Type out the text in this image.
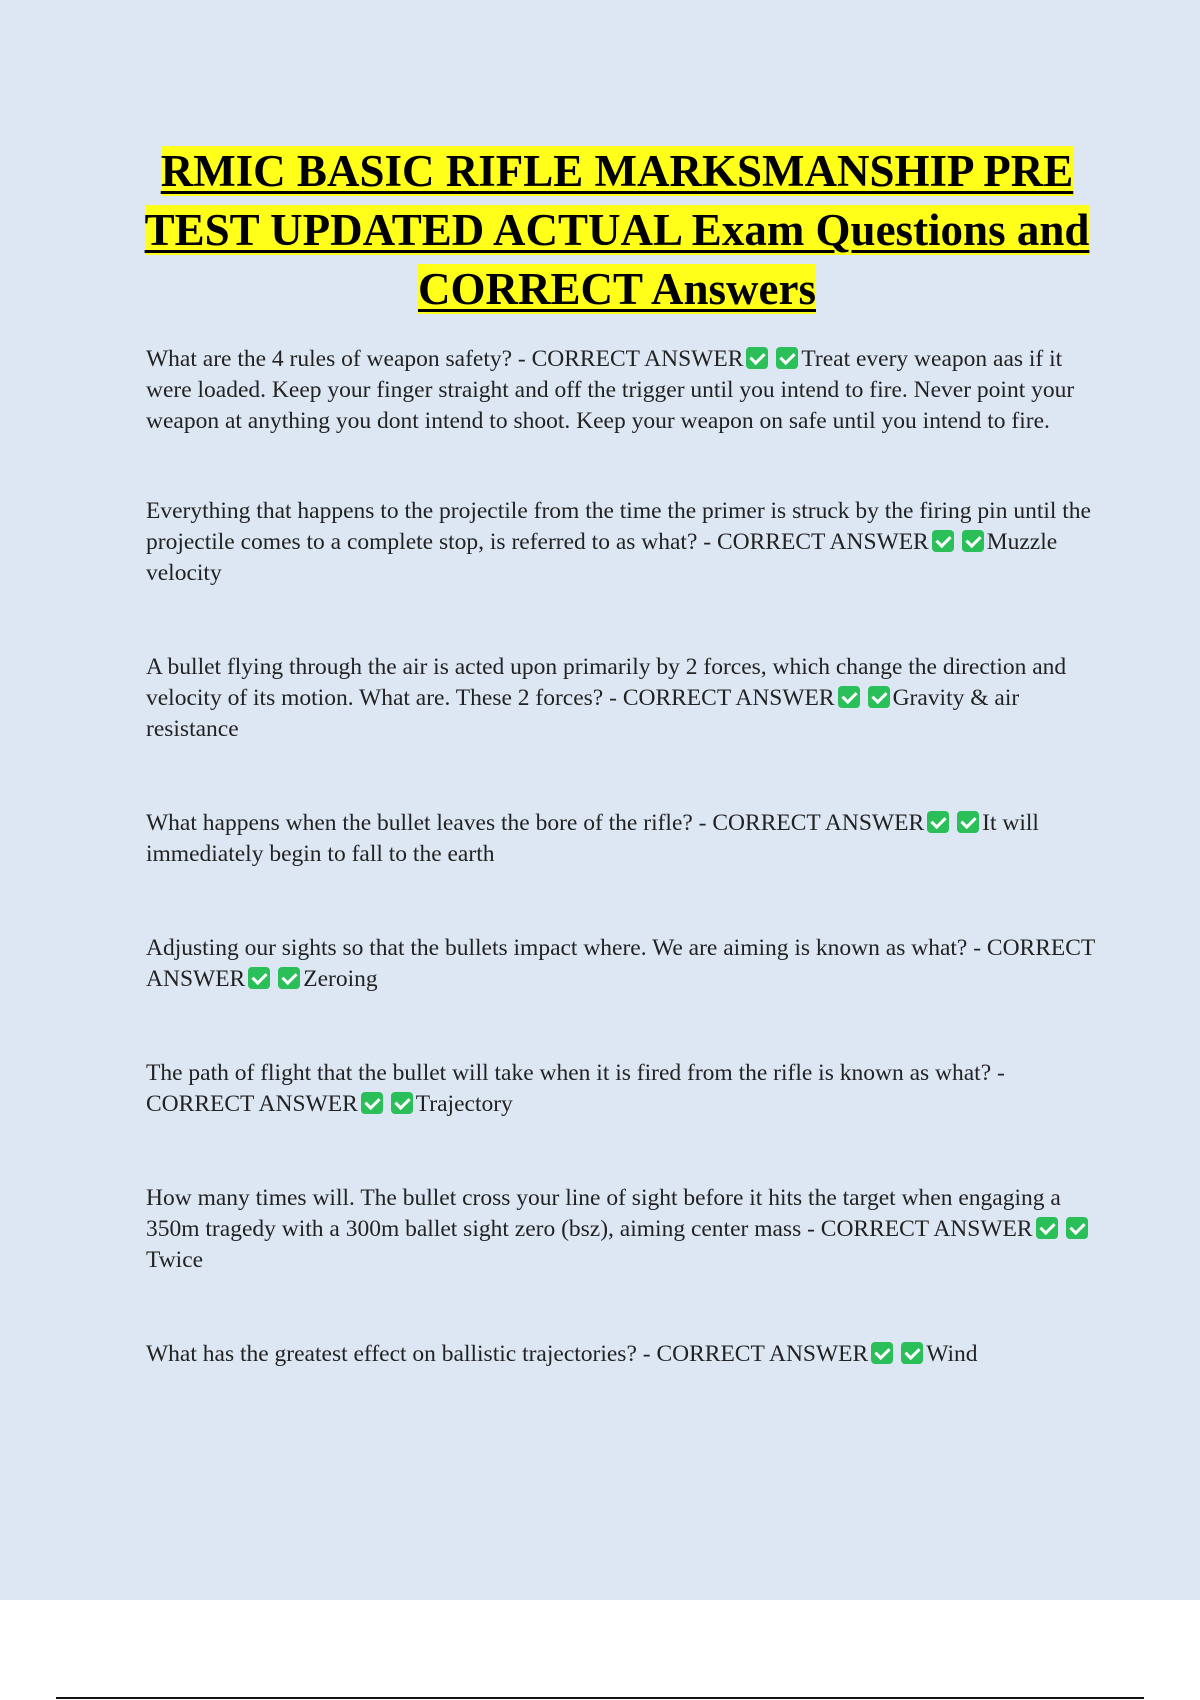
RMIC BASIC RIFLE MARKSMANSHIP PRE TEST UPDATED ACTUAL Exam Questions and CORRECT Answers

What are the 4 rules of weapon safety? - CORRECT ANSWER Treat every weapon aas if it were loaded. Keep your finger straight and off the trigger until you intend to fire. Never point your weapon at anything you dont intend to shoot. Keep your weapon on safe until you intend to fire.

Everything that happens to the projectile from the time the primer is struck by the firing pin until the projectile comes to a complete stop, is referred to as what? - CORRECT ANSWER Muzzle velocity

A bullet flying through the air is acted upon primarily by 2 forces, which change the direction and velocity of its motion. What are. These 2 forces? - CORRECT ANSWER Gravity & air resistance

What happens when the bullet leaves the bore of the rifle? - CORRECT ANSWER It will immediately begin to fall to the earth

Adjusting our sights so that the bullets impact where. We are aiming is known as what? - CORRECT ANSWER Zeroing

The path of flight that the bullet will take when it is fired from the rifle is known as what? - CORRECT ANSWER Trajectory

How many times will. The bullet cross your line of sight before it hits the target when engaging a 350m tragedy with a 300m ballet sight zero (bsz), aiming center mass - CORRECT ANSWERTwice

What has the greatest effect on ballistic trajectories? - CORRECT ANSWER Wind
